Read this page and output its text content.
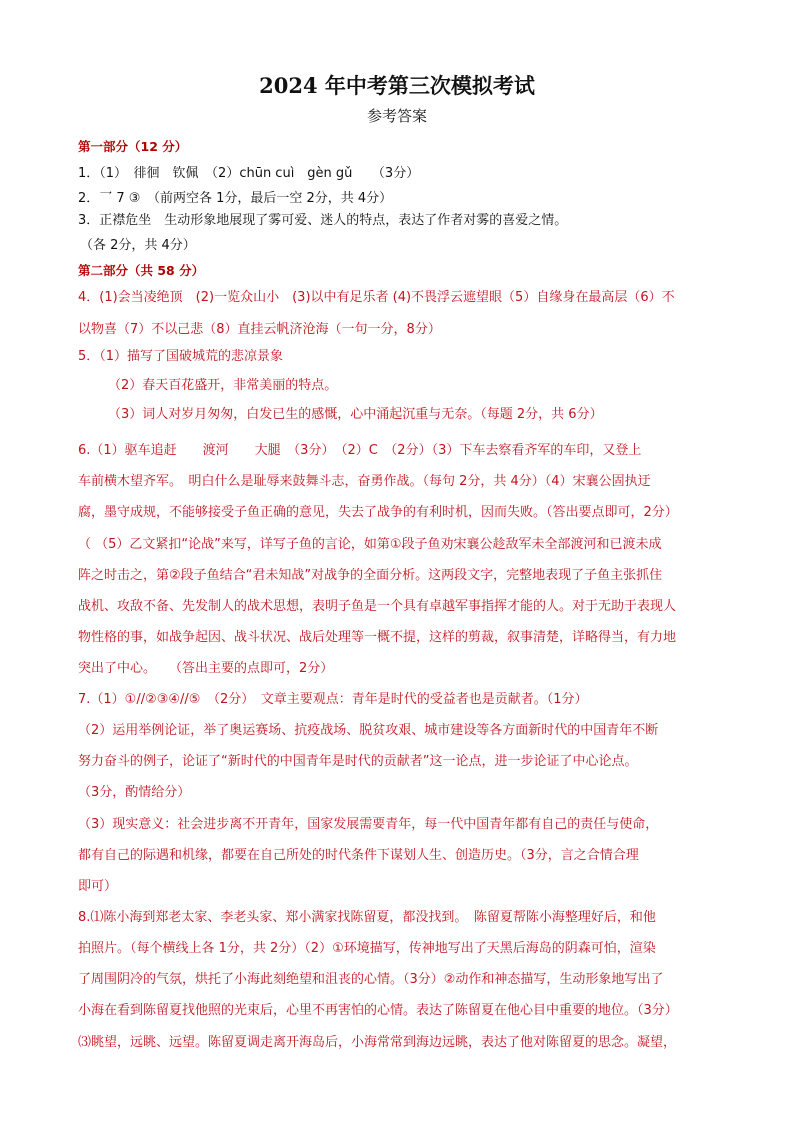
2024 年中考第三次模拟考试
参考答案
第一部分（12 分）
1．（1）　徘徊　钦佩　（2）chūn cuì　gèn gǔ　　（3分）
2．乛 7 ③　（前两空各 1分，最后一空 2分，共 4分）
3．正襟危坐　生动形象地展现了雾可爱、迷人的特点，表达了作者对雾的喜爱之情。
（各 2分，共 4分）
第二部分（共 58 分）
4．(1)会当凌绝顶　(2)一览众山小　(3)以中有足乐者 (4)不畏浮云遮望眼（5）自缘身在最高层（6）不
以物喜（7）不以己悲（8）直挂云帆济沧海（一句一分，8分）
5．（1）描写了国破城荒的悲凉景象
（2）春天百花盛开，非常美丽的特点。
（3）词人对岁月匆匆，白发已生的感慨，心中涌起沉重与无奈。（每题 2分，共 6分）
6.（1）驱车追赶　　渡河　　大腿　（3分）　（2）C　（2分）（3）下车去察看齐军的车印，又登上
车前横木望齐军。　明白什么是耻辱来鼓舞斗志，奋勇作战。（每句 2分，共 4分）（4）宋襄公固执迂
腐，墨守成规，不能够接受子鱼正确的意见，失去了战争的有利时机，因而失败。（答出要点即可，2分）
（ （5）乙文紧扣“论战”来写，详写子鱼的言论，如第①段子鱼劝宋襄公趁敌军未全部渡河和已渡未成
阵之时击之，第②段子鱼结合“君未知战”对战争的全面分析。这两段文字，完整地表现了子鱼主张抓住
战机、攻敌不备、先发制人的战术思想，表明子鱼是一个具有卓越军事指挥才能的人。对于无助于表现人
物性格的事，如战争起因、战斗状况、战后处理等一概不提，这样的剪裁，叙事清楚，详略得当，有力地
突出了中心。　　（答出主要的点即可，2分）
7.（1）①//②③④//⑤　（2分）　文章主要观点：青年是时代的受益者也是贡献者。（1分）
（2）运用举例论证，举了奥运赛场、抗疫战场、脱贫攻艰、城市建设等各方面新时代的中国青年不断
努力奋斗的例子，论证了“新时代的中国青年是时代的贡献者”这一论点，进一步论证了中心论点。
（3分，酌情给分）
（3）现实意义：社会进步离不开青年，国家发展需要青年，每一代中国青年都有自己的责任与使命，
都有自己的际遇和机缘，都要在自己所处的时代条件下谋划人生、创造历史。（3分，言之合情合理
即可）
8.⑴陈小海到郑老太家、李老头家、郑小满家找陈留夏，都没找到。　陈留夏帮陈小海整理好后，和他
拍照片。（每个横线上各 1分，共 2分）（2）①环境描写，传神地写出了天黑后海岛的阴森可怕，渲染
了周围阴冷的气氛，烘托了小海此刻绝望和沮丧的心情。（3分）②动作和神态描写，生动形象地写出了
小海在看到陈留夏找他照的光束后，心里不再害怕的心情。表达了陈留夏在他心目中重要的地位。（3分）
⑶眺望，远眺、远望。陈留夏调走离开海岛后，小海常常到海边远眺，表达了他对陈留夏的思念。凝望，
